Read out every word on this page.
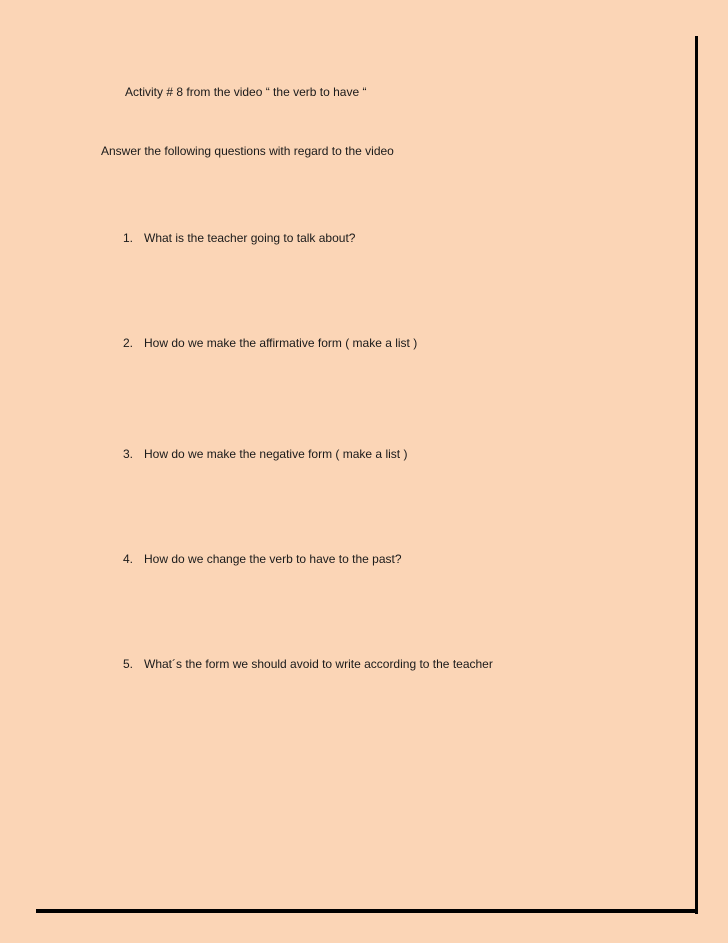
Activity # 8 from the video “ the verb to have “
Answer the following questions with regard to the video
1. What is the teacher going to talk about?
2. How do we make the affirmative form ( make a list )
3. How do we make the negative form ( make a list )
4. How do we change the verb to have to the past?
5. What´s the form we should avoid to write according to the teacher
